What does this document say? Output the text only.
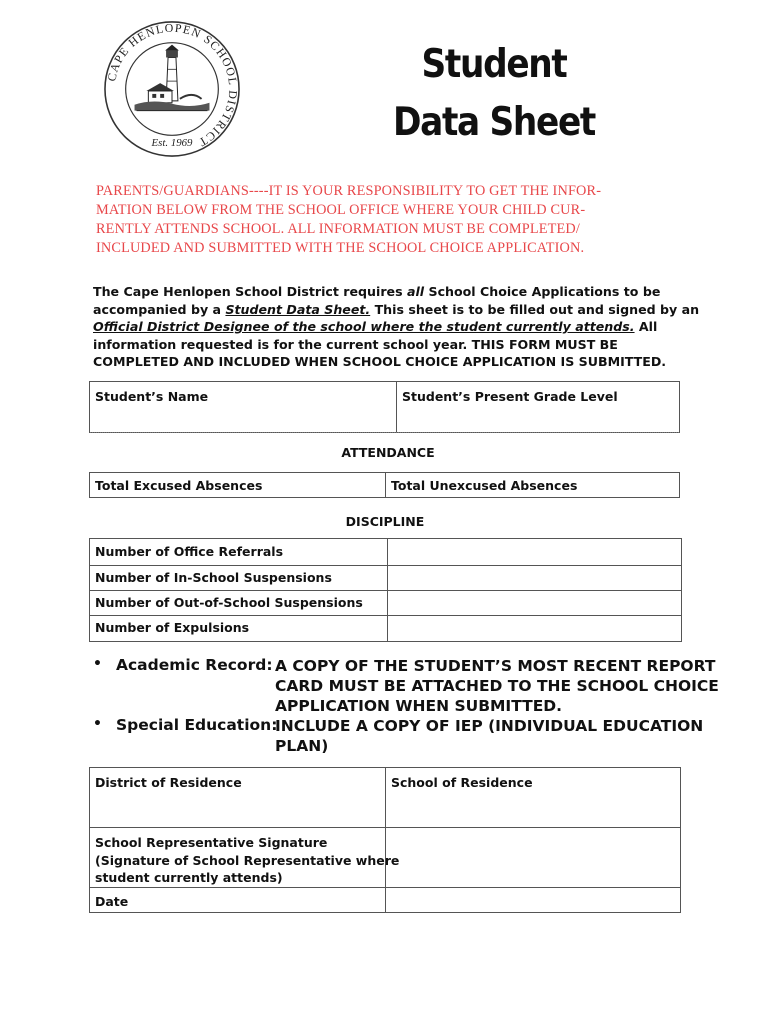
CAPE HENLOPEN SCHOOL DISTRICT
Est. 1969
Student
Data Sheet
PARENTS/GUARDIANS----IT IS YOUR RESPONSIBILITY TO GET THE INFOR-
MATION BELOW FROM THE SCHOOL OFFICE WHERE YOUR CHILD CUR-
RENTLY ATTENDS SCHOOL. ALL INFORMATION MUST BE COMPLETED/
INCLUDED AND SUBMITTED WITH THE SCHOOL CHOICE APPLICATION.
The Cape Henlopen School District requires all School Choice Applications to be
accompanied by a Student Data Sheet. This sheet is to be filled out and signed by an
Official District Designee of the school where the student currently attends. All
information requested is for the current school year. THIS FORM MUST BE
COMPLETED AND INCLUDED WHEN SCHOOL CHOICE APPLICATION IS SUBMITTED.
Student’s Name	Student’s Present Grade Level
ATTENDANCE
Total Excused Absences	Total Unexcused Absences
DISCIPLINE
Number of Office Referrals
Number of In-School Suspensions
Number of Out-of-School Suspensions
Number of Expulsions
• Academic Record: A COPY OF THE STUDENT’S MOST RECENT REPORT
CARD MUST BE ATTACHED TO THE SCHOOL CHOICE
APPLICATION WHEN SUBMITTED.
• Special Education:
INCLUDE A COPY OF IEP (INDIVIDUAL EDUCATION
PLAN)
District of Residence	School of Residence
School Representative Signature
(Signature of School Representative where
student currently attends)
Date
